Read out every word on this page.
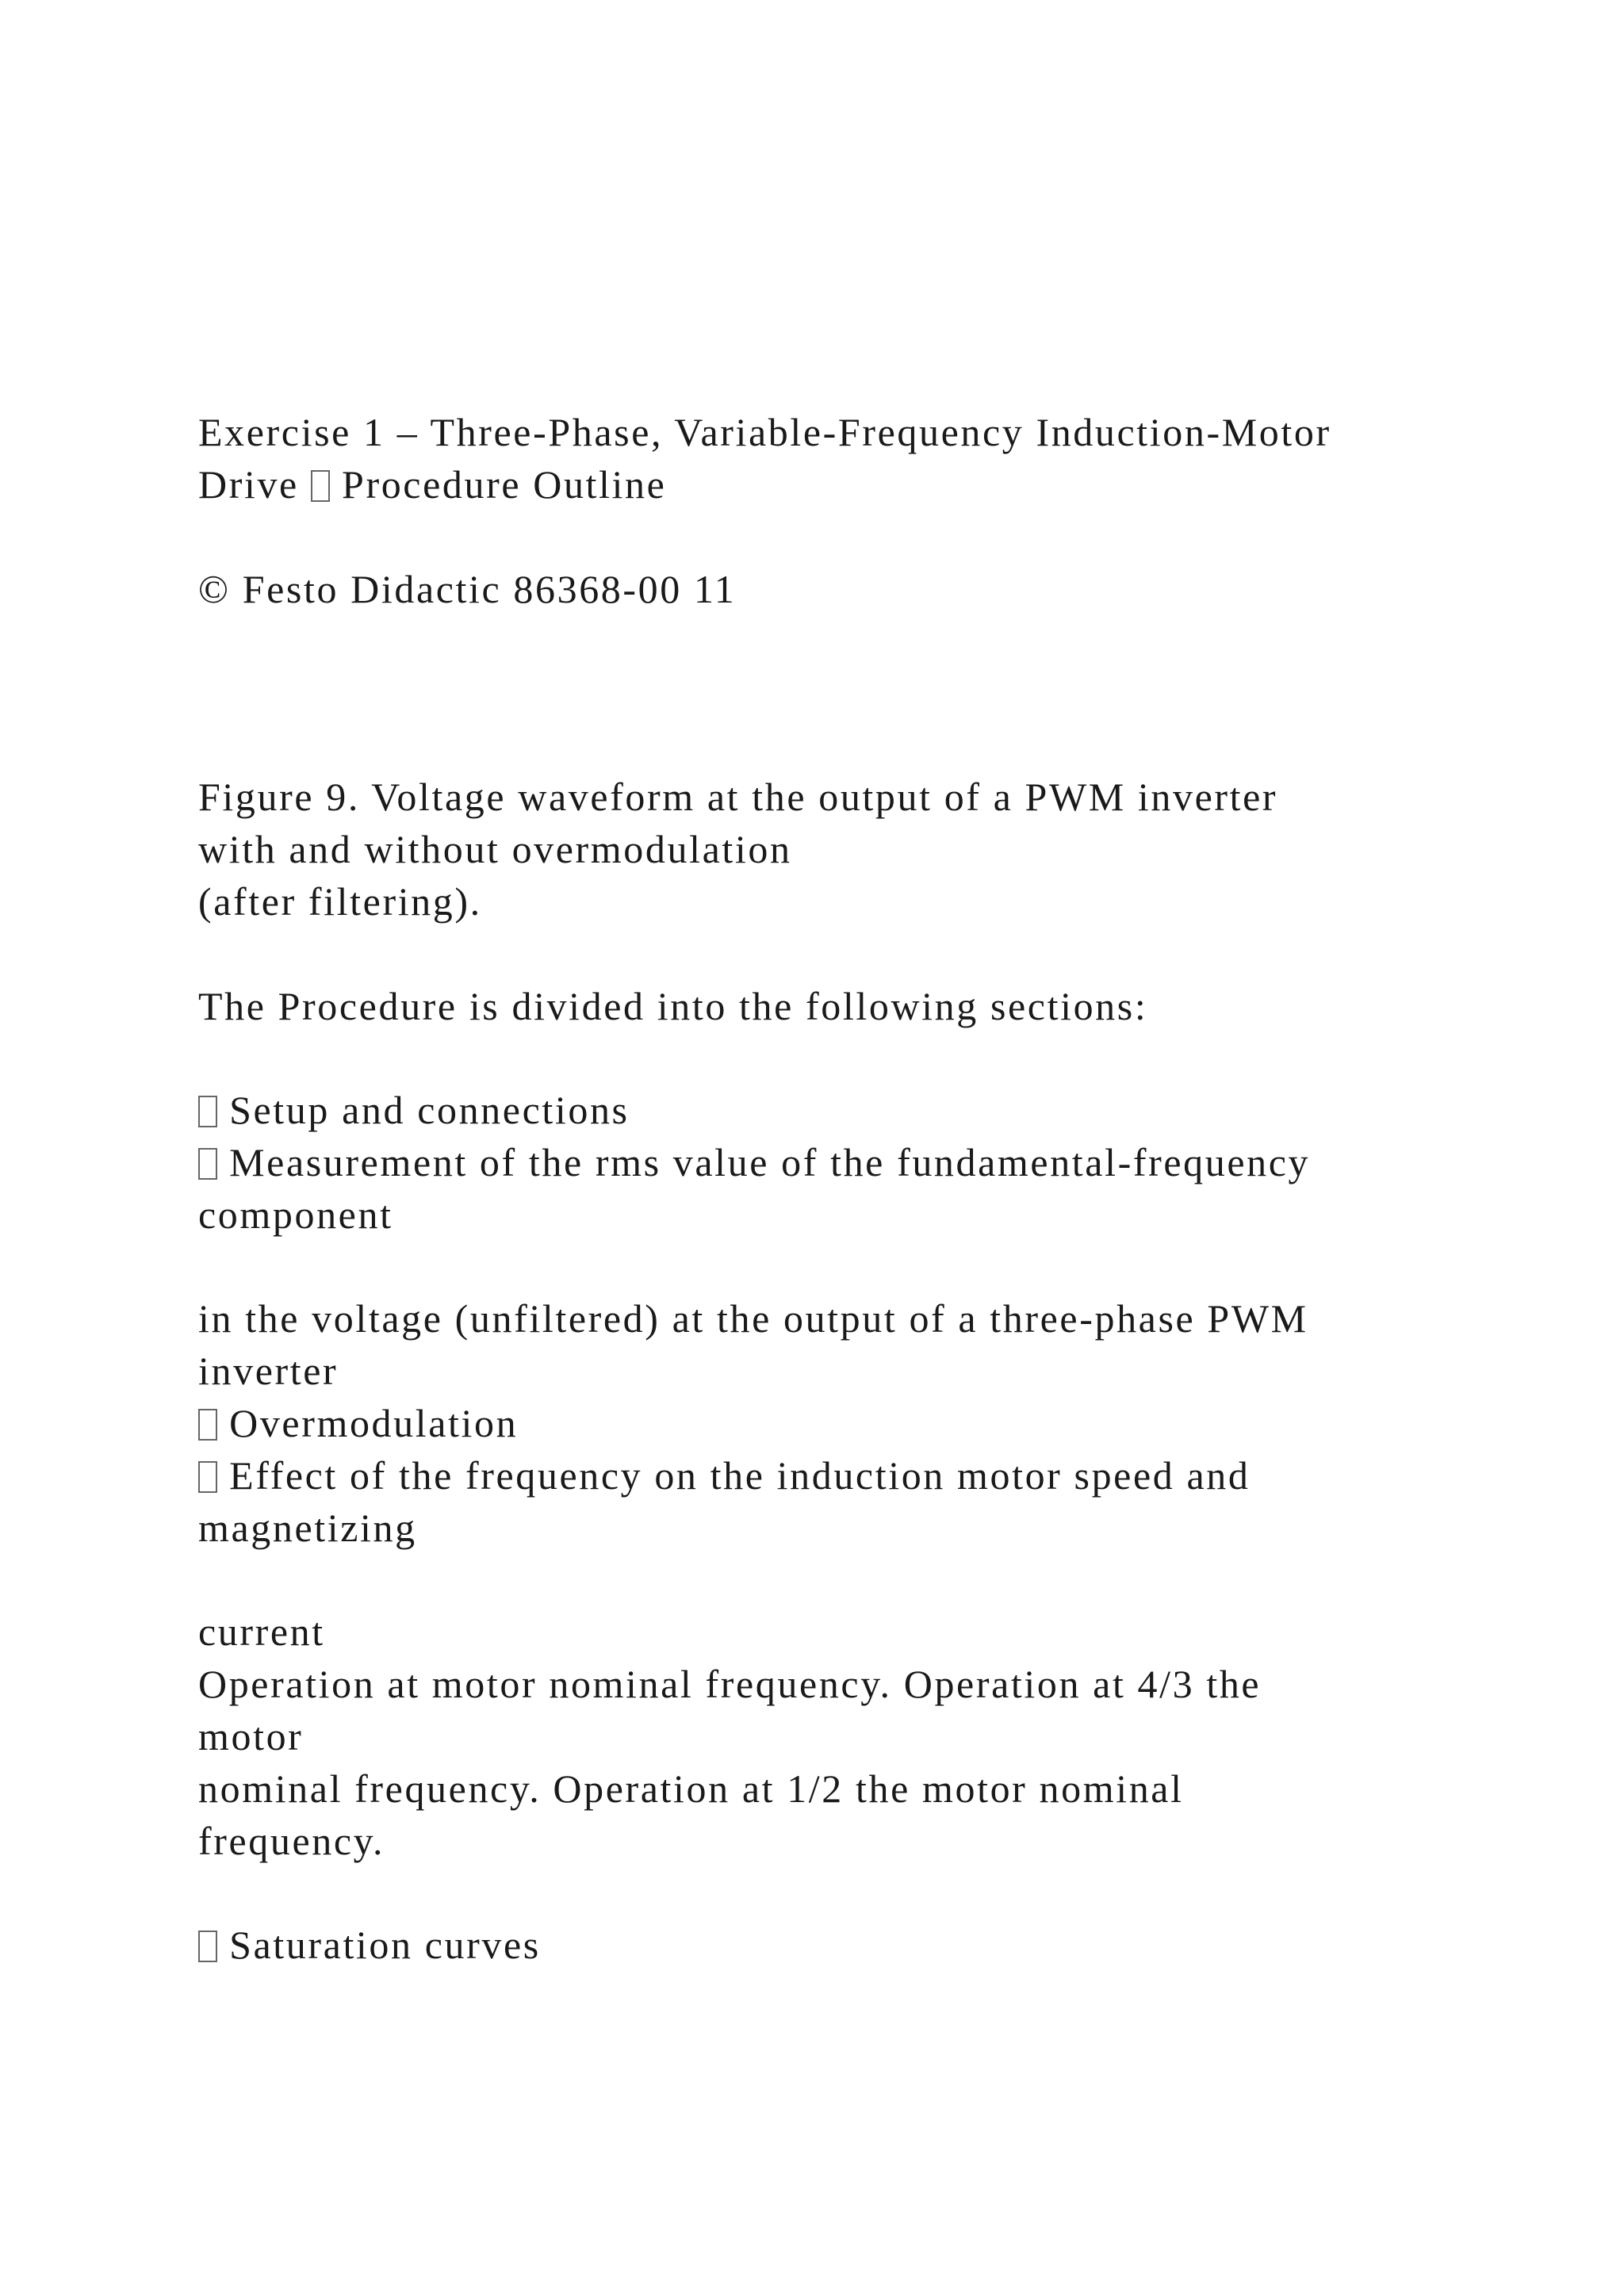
Exercise 1 – Three-Phase, Variable-Frequency Induction-Motor
Drive  Procedure Outline
© Festo Didactic 86368-00 11
Figure 9. Voltage waveform at the output of a PWM inverter
with and without overmodulation
(after filtering).
The Procedure is divided into the following sections:
Setup and connections
Measurement of the rms value of the fundamental-frequency
component
in the voltage (unfiltered) at the output of a three-phase PWM
inverter
Overmodulation
Effect of the frequency on the induction motor speed and
magnetizing
current
Operation at motor nominal frequency. Operation at 4/3 the
motor
nominal frequency. Operation at 1/2 the motor nominal
frequency.
Saturation curves
